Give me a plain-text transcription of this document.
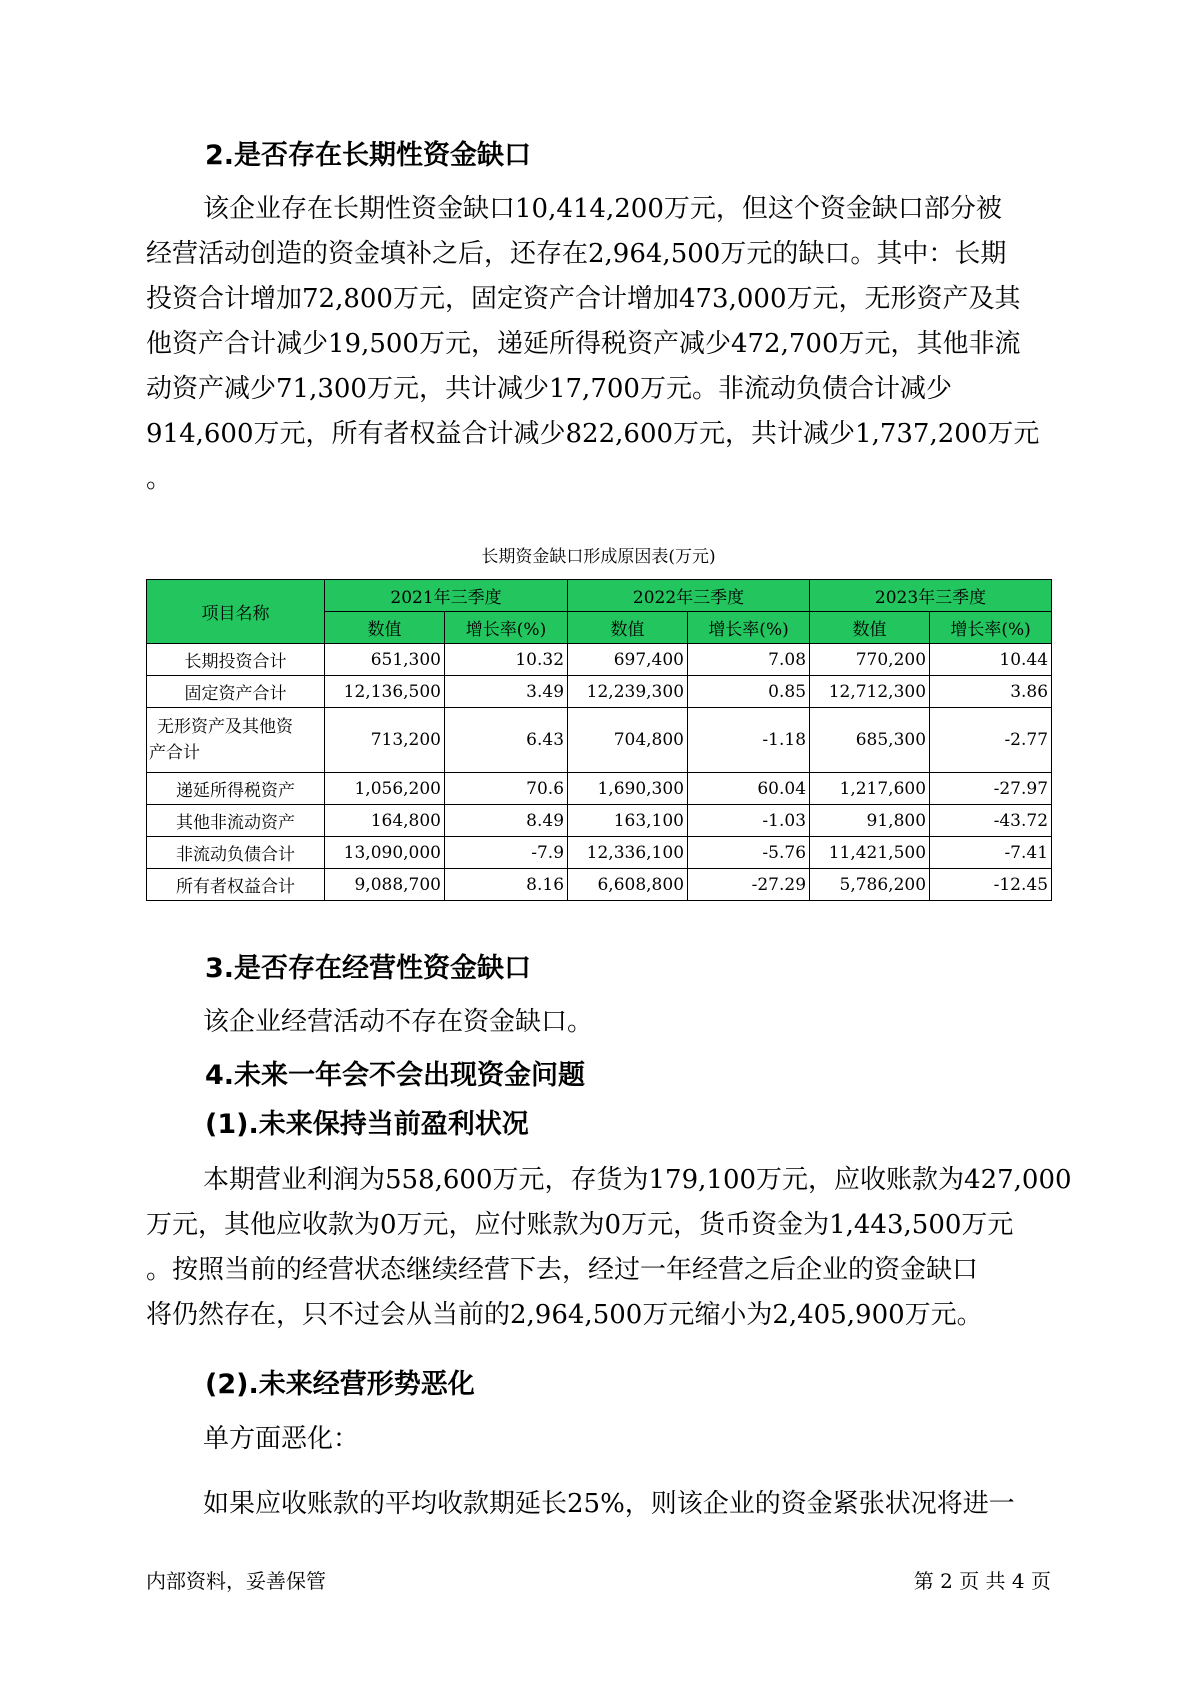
2.是否存在长期性资金缺口
该企业存在长期性资金缺口10,414,200万元，但这个资金缺口部分被
经营活动创造的资金填补之后，还存在2,964,500万元的缺口。其中：长期
投资合计增加72,800万元，固定资产合计增加473,000万元，无形资产及其
他资产合计减少19,500万元，递延所得税资产减少472,700万元，其他非流
动资产减少71,300万元，共计减少17,700万元。非流动负债合计减少
914,600万元，所有者权益合计减少822,600万元，共计减少1,737,200万元
。
长期资金缺口形成原因表(万元)
项目名称	2021年三季度		2022年三季度		2023年三季度	
	数值	增长率(%)	数值	增长率(%)	数值	增长率(%)
长期投资合计	651,300	10.32	697,400	7.08	770,200	10.44
固定资产合计	12,136,500	3.49	12,239,300	0.85	12,712,300	3.86

无形资产及其他资
产合计	713,200	6.43	704,800	-1.18	685,300	-2.77
递延所得税资产	1,056,200	70.6	1,690,300	60.04	1,217,600	-27.97
其他非流动资产	164,800	8.49	163,100	-1.03	91,800	-43.72
非流动负债合计	13,090,000	-7.9	12,336,100	-5.76	11,421,500	-7.41
所有者权益合计	9,088,700	8.16	6,608,800	-27.29	5,786,200	-12.45
3.是否存在经营性资金缺口
该企业经营活动不存在资金缺口。
4.未来一年会不会出现资金问题
(1).未来保持当前盈利状况
本期营业利润为558,600万元，存货为179,100万元，应收账款为427,000
万元，其他应收款为0万元，应付账款为0万元，货币资金为1,443,500万元
。按照当前的经营状态继续经营下去，经过一年经营之后企业的资金缺口
将仍然存在，只不过会从当前的2,964,500万元缩小为2,405,900万元。
(2).未来经营形势恶化
单方面恶化：
如果应收账款的平均收款期延长25%，则该企业的资金紧张状况将进一
内部资料，妥善保管	第 2 页 共 4 页
